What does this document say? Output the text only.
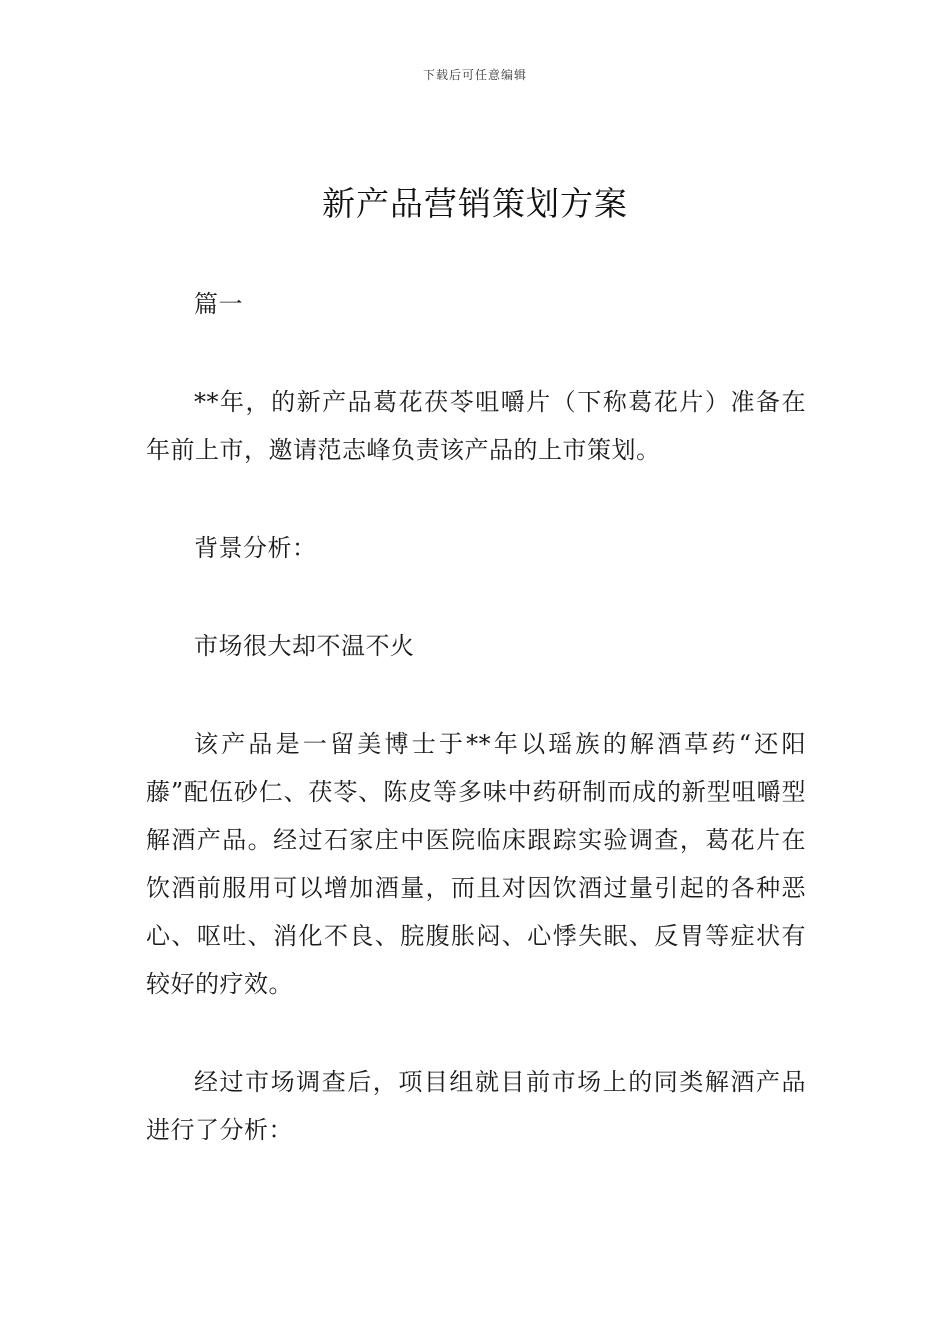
下载后可任意编辑
新产品营销策划方案

篇一

**年，的新产品葛花茯苓咀嚼片（下称葛花片）准备在年前上市，邀请范志峰负责该产品的上市策划。

背景分析：

市场很大却不温不火

该产品是一留美博士于**年以瑶族的解酒草药“还阳藤”配伍砂仁、茯苓、陈皮等多味中药研制而成的新型咀嚼型解酒产品。经过石家庄中医院临床跟踪实验调查，葛花片在饮酒前服用可以增加酒量，而且对因饮酒过量引起的各种恶心、呕吐、消化不良、脘腹胀闷、心悸失眠、反胃等症状有较好的疗效。

经过市场调查后，项目组就目前市场上的同类解酒产品进行了分析：
